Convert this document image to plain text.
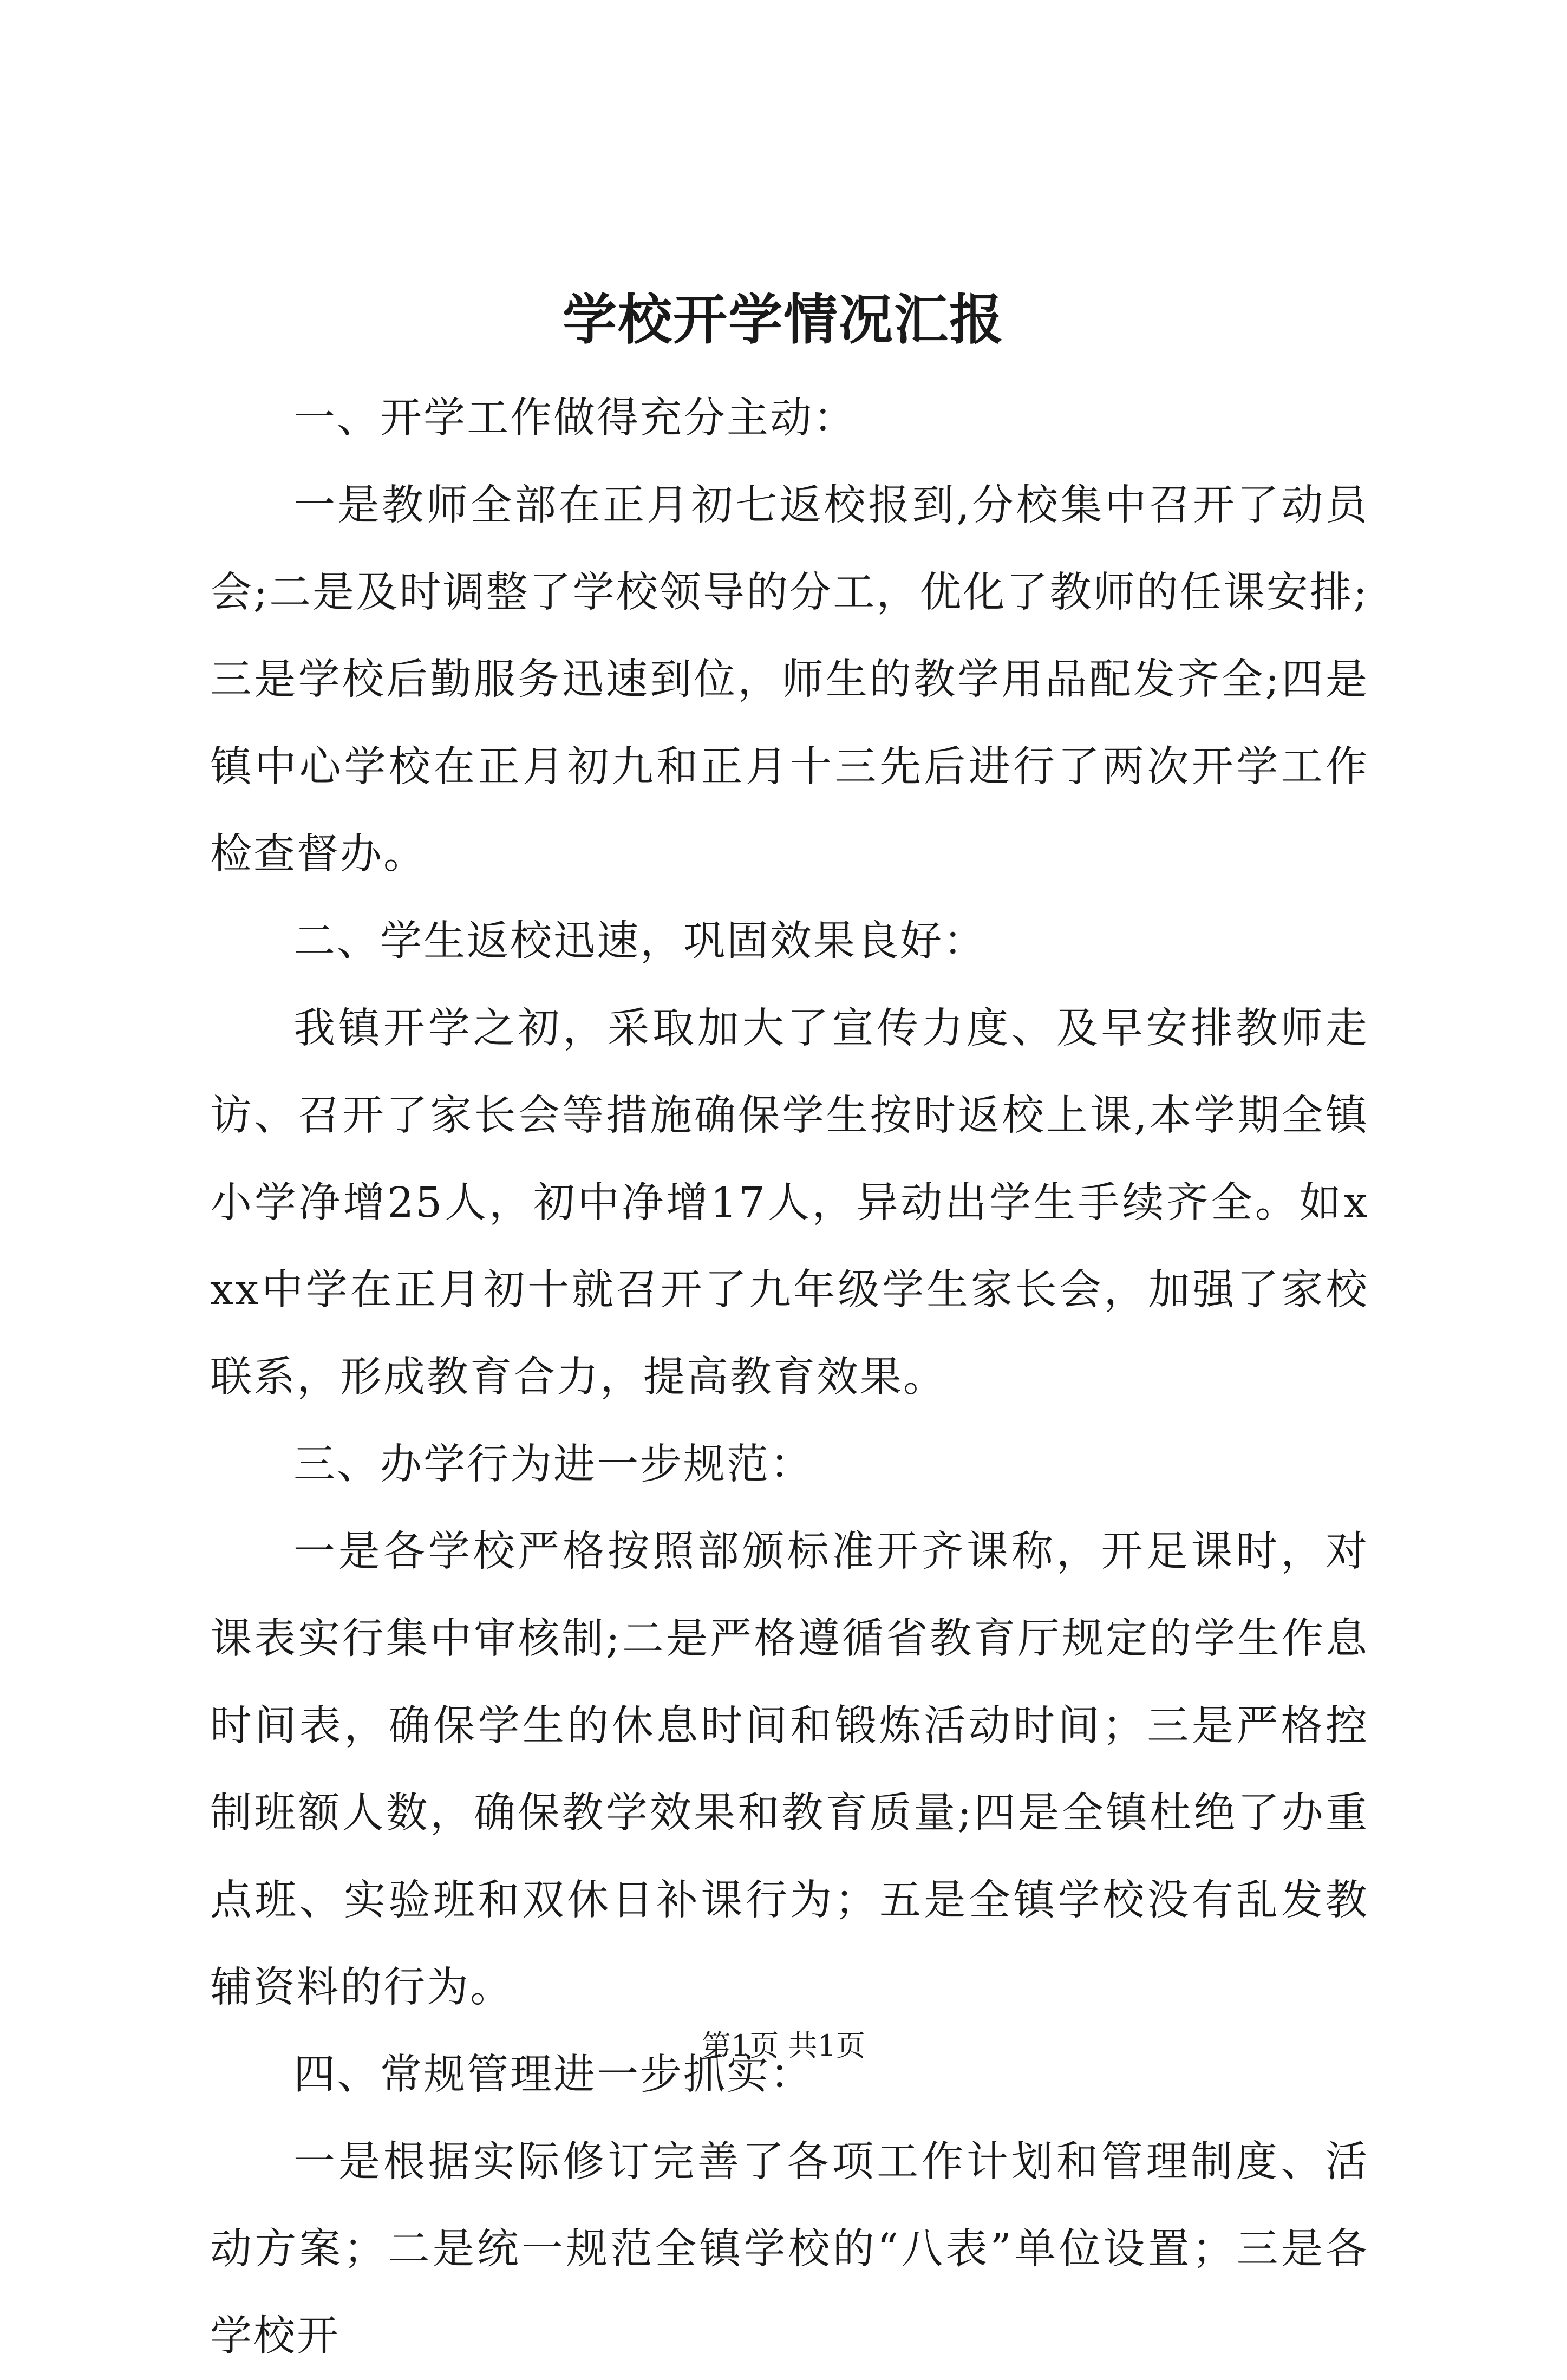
学校开学情况汇报

一、开学工作做得充分主动：

一是教师全部在正月初七返校报到,分校集中召开了动员会;二是及时调整了学校领导的分工，优化了教师的任课安排;三是学校后勤服务迅速到位，师生的教学用品配发齐全;四是镇中心学校在正月初九和正月十三先后进行了两次开学工作检查督办。

二、学生返校迅速，巩固效果良好：

我镇开学之初，采取加大了宣传力度、及早安排教师走访、召开了家长会等措施确保学生按时返校上课,本学期全镇小学净增25人，初中净增17人，异动出学生手续齐全。如xxx中学在正月初十就召开了九年级学生家长会，加强了家校联系，形成教育合力，提高教育效果。

三、办学行为进一步规范：

一是各学校严格按照部颁标准开齐课称，开足课时，对课表实行集中审核制;二是严格遵循省教育厅规定的学生作息时间表，确保学生的休息时间和锻炼活动时间；三是严格控制班额人数，确保教学效果和教育质量;四是全镇杜绝了办重点班、实验班和双休日补课行为；五是全镇学校没有乱发教辅资料的行为。

四、常规管理进一步抓实：

一是根据实际修订完善了各项工作计划和管理制度、活动方案；二是统一规范全镇学校的“八表”单位设置；三是各学校开

第1页 共1页
